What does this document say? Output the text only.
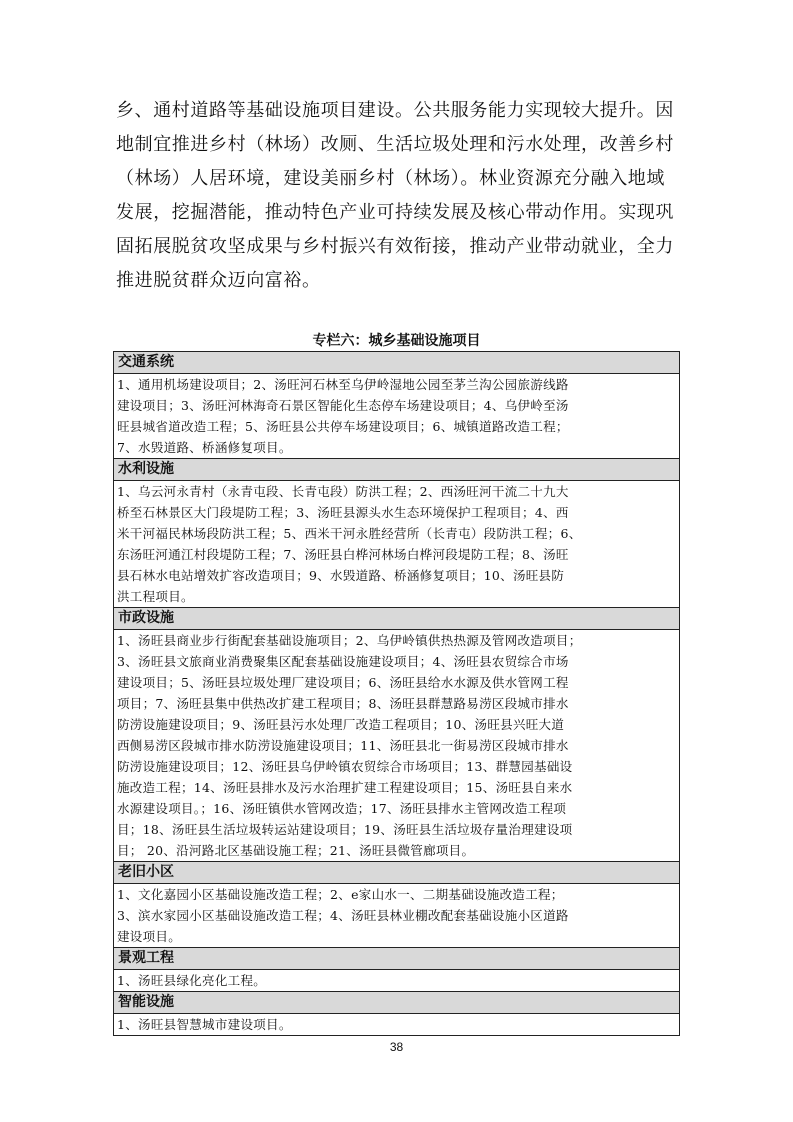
乡、通村道路等基础设施项目建设。公共服务能力实现较大提升。因
地制宜推进乡村（林场）改厕、生活垃圾处理和污水处理，改善乡村
（林场）人居环境，建设美丽乡村（林场）。林业资源充分融入地域
发展，挖掘潜能，推动特色产业可持续发展及核心带动作用。实现巩
固拓展脱贫攻坚成果与乡村振兴有效衔接，推动产业带动就业，全力
推进脱贫群众迈向富裕。
专栏六：城乡基础设施项目
交通系统
1、通用机场建设项目；2、汤旺河石林至乌伊岭湿地公园至茅兰沟公园旅游线路
建设项目；3、汤旺河林海奇石景区智能化生态停车场建设项目；4、乌伊岭至汤
旺县城省道改造工程；5、汤旺县公共停车场建设项目；6、城镇道路改造工程；
7、水毁道路、桥涵修复项目。
水利设施
1、乌云河永青村（永青屯段、长青屯段）防洪工程；2、西汤旺河干流二十九大
桥至石林景区大门段堤防工程；3、汤旺县源头水生态环境保护工程项目；4、西
米干河福民林场段防洪工程；5、西米干河永胜经营所（长青屯）段防洪工程；6、
东汤旺河通江村段堤防工程；7、汤旺县白桦河林场白桦河段堤防工程；8、汤旺
县石林水电站增效扩容改造项目；9、水毁道路、桥涵修复项目；10、汤旺县防
洪工程项目。
市政设施
1、汤旺县商业步行街配套基础设施项目；2、乌伊岭镇供热热源及管网改造项目；
3、汤旺县文旅商业消费聚集区配套基础设施建设项目；4、汤旺县农贸综合市场
建设项目；5、汤旺县垃圾处理厂建设项目；6、汤旺县给水水源及供水管网工程
项目；7、汤旺县集中供热改扩建工程项目；8、汤旺县群慧路易涝区段城市排水
防涝设施建设项目；9、汤旺县污水处理厂改造工程项目；10、汤旺县兴旺大道
西侧易涝区段城市排水防涝设施建设项目；11、汤旺县北一街易涝区段城市排水
防涝设施建设项目；12、汤旺县乌伊岭镇农贸综合市场项目；13、群慧园基础设
施改造工程；14、汤旺县排水及污水治理扩建工程建设项目；15、汤旺县自来水
水源建设项目。；16、汤旺镇供水管网改造；17、汤旺县排水主管网改造工程项
目；18、汤旺县生活垃圾转运站建设项目；19、汤旺县生活垃圾存量治理建设项
目； 20、沿河路北区基础设施工程；21、汤旺县微管廊项目。
老旧小区
1、文化嘉园小区基础设施改造工程；2、e家山水一、二期基础设施改造工程；
3、滨水家园小区基础设施改造工程；4、汤旺县林业棚改配套基础设施小区道路
建设项目。
景观工程
1、汤旺县绿化亮化工程。
智能设施
1、汤旺县智慧城市建设项目。
38
